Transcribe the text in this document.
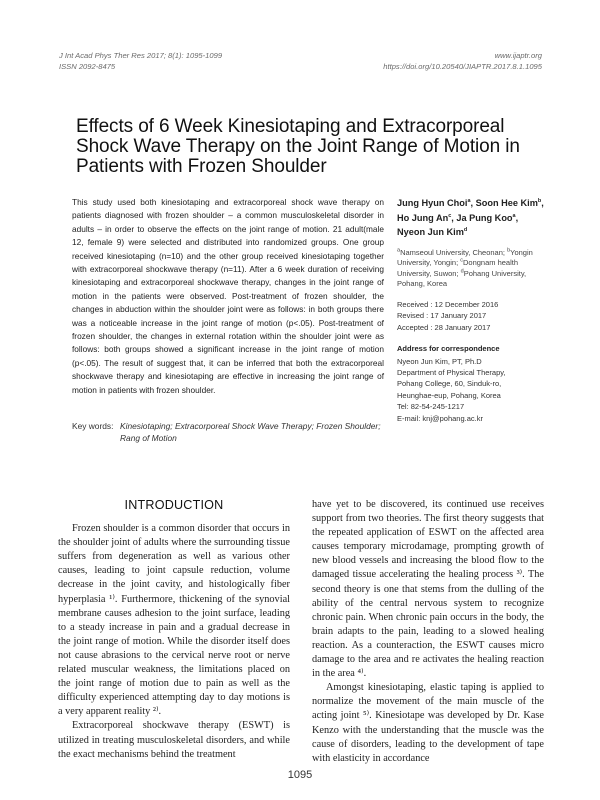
J Int Acad Phys Ther Res 2017; 8(1): 1095-1099
ISSN 2092-8475
www.ijaptr.org
https://doi.org/10.20540/JIAPTR.2017.8.1.1095
Effects of 6 Week Kinesiotaping and Extracorporeal Shock Wave Therapy on the Joint Range of Motion in Patients with Frozen Shoulder

This study used both kinesiotaping and extracorporeal shock wave therapy on patients diagnosed with frozen shoulder – a common musculoskeletal disorder in adults – in order to observe the effects on the joint range of motion. 21 adult(male 12, female 9) were selected and distributed into randomized groups. One group received kinesiotaping (n=10) and the other group received kinesiotaping together with extracorporeal shockwave therapy (n=11). After a 6 week duration of receiving kinesiotaping and extracorporeal shockwave therapy, changes in the joint range of motion in the patients were observed. Post-treatment of frozen shoulder, the changes in abduction within the shoulder joint were as follows: in both groups there was a noticeable increase in the joint range of motion (p<.05). Post-treatment of frozen shoulder, the changes in external rotation within the shoulder joint were as follows: both groups showed a significant increase in the joint range of motion (p<.05). The result of suggest that, it can be inferred that both the extracorporeal shockwave therapy and kinesiotaping are effective in increasing the joint range of motion in patients with frozen shoulder.

Key words: Kinesiotaping; Extracorporeal Shock Wave Therapy; Frozen Shoulder; Rang of Motion
Jung Hyun Choi$^a$, Soon Hee Kim$^b$, Ho Jung An$^c$, Ja Pung Koo$^a$, Nyeon Jun Kim$^d$
$^a$Namseoul University, Cheonan; $^b$Yongin University, Yongin; $^c$Dongnam health University, Suwon; $^d$Pohang University, Pohang, Korea
Received : 12 December 2016
Revised : 17 January 2017
Accepted : 28 January 2017
Address for correspondence
Nyeon Jun Kim, PT, Ph.D
Department of Physical Therapy,
Pohang College, 60, Sinduk-ro,
Heunghae-eup, Pohang, Korea
Tel: 82-54-245-1217
E-mail: knj@pohang.ac.kr
INTRODUCTION

Frozen shoulder is a common disorder that occurs in the shoulder joint of adults where the surrounding tissue suffers from degeneration as well as various other causes, leading to joint capsule reduction, volume decrease in the joint cavity, and histologically fiber hyperplasia ¹⁾. Furthermore, thickening of the synovial membrane causes adhesion to the joint surface, leading to a steady increase in pain and a gradual decrease in the joint range of motion. While the disorder itself does not cause abrasions to the cervical nerve root or nerve related muscular weakness, the limitations placed on the joint range of motion due to pain as well as the difficulty experienced attempting day to day motions is a very apparent reality ²⁾.

Extracorporeal shockwave therapy (ESWT) is utilized in treating musculoskeletal disorders, and while the exact mechanisms behind the treatment

have yet to be discovered, its continued use receives support from two theories. The first theory suggests that the repeated application of ESWT on the affected area causes temporary microdamage, prompting growth of new blood vessels and increasing the blood flow to the damaged tissue accelerating the healing process ³⁾. The second theory is one that stems from the dulling of the ability of the central nervous system to recognize chronic pain. When chronic pain occurs in the body, the brain adapts to the pain, leading to a slowed healing reaction. As a counteraction, the ESWT causes micro damage to the area and re activates the healing reaction in the area ⁴⁾.

Amongst kinesiotaping, elastic taping is applied to normalize the movement of the main muscle of the acting joint ⁵⁾. Kinesiotape was developed by Dr. Kase Kenzo with the understanding that the muscle was the cause of disorders, leading to the development of tape with elasticity in accordance

1095
